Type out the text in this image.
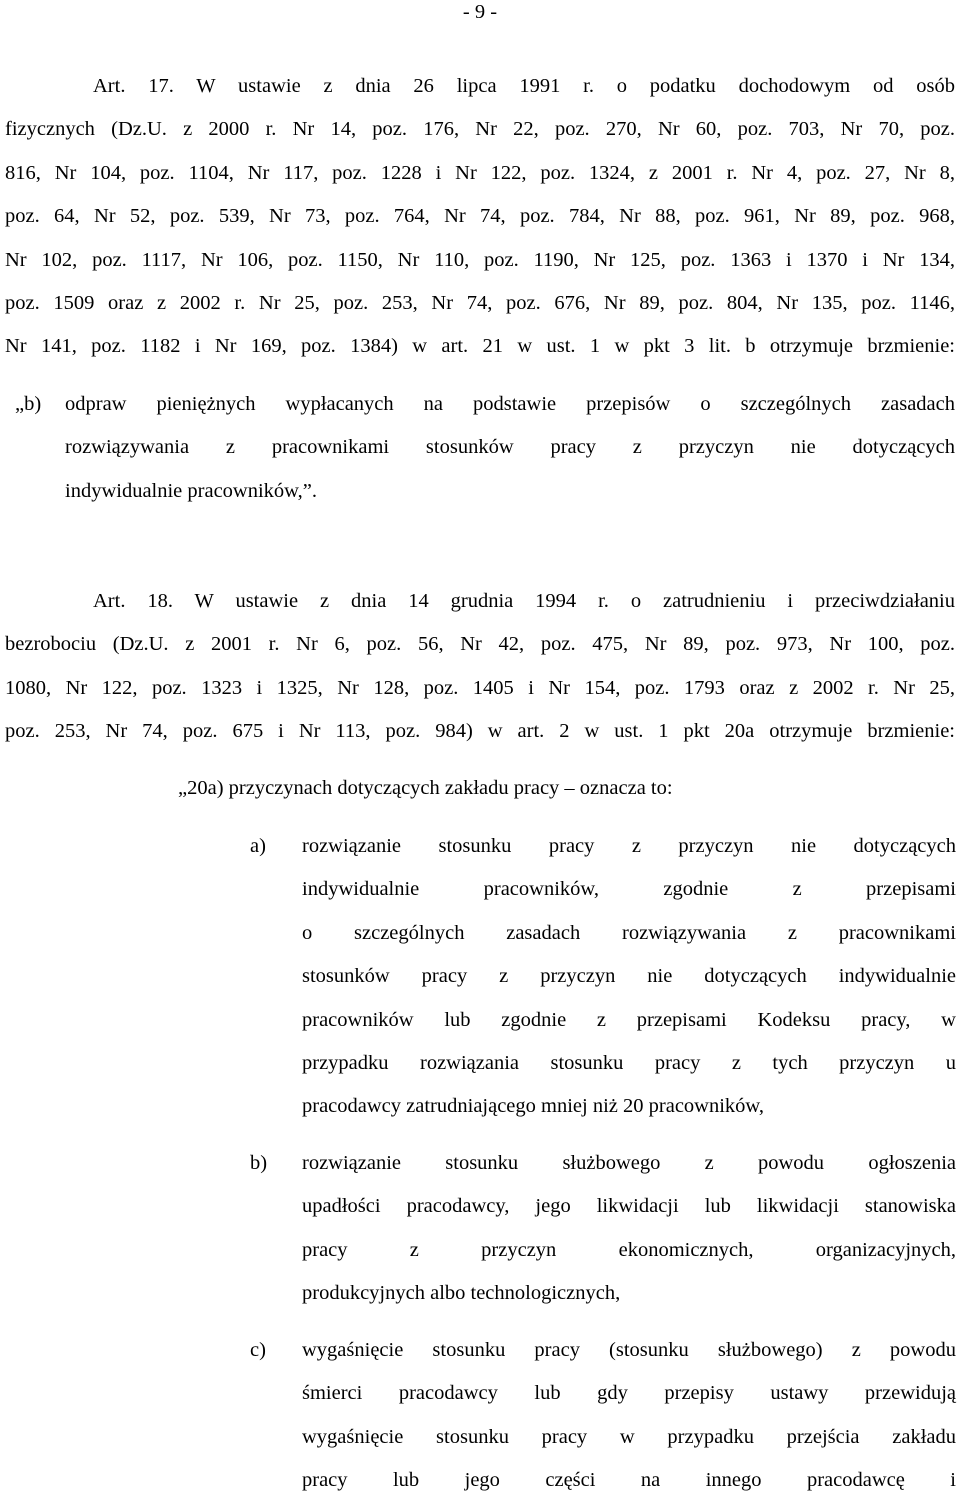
- 9 -
Art. 17. W ustawie z dnia 26 lipca 1991 r. o podatku dochodowym od osób
fizycznych (Dz.U. z 2000 r. Nr 14, poz. 176, Nr 22, poz. 270, Nr 60, poz. 703, Nr 70, poz.
816, Nr 104, poz. 1104, Nr 117, poz. 1228 i Nr 122, poz. 1324, z 2001 r. Nr 4, poz. 27, Nr 8,
poz. 64, Nr 52, poz. 539, Nr 73, poz. 764, Nr 74, poz. 784, Nr 88, poz. 961, Nr 89, poz. 968,
Nr 102, poz. 1117, Nr 106, poz. 1150, Nr 110, poz. 1190, Nr 125, poz. 1363 i 1370 i Nr 134,
poz. 1509 oraz z 2002 r. Nr 25, poz. 253, Nr 74, poz. 676, Nr 89, poz. 804, Nr 135, poz. 1146,
Nr 141, poz. 1182 i Nr 169, poz. 1384) w art. 21 w ust. 1 w pkt 3 lit. b otrzymuje brzmienie:
„b) odpraw pieniężnych wypłacanych na podstawie przepisów o szczególnych zasadach
rozwiązywania z pracownikami stosunków pracy z przyczyn nie dotyczących
indywidualnie pracowników,”.
Art. 18. W ustawie z dnia 14 grudnia 1994 r. o zatrudnieniu i przeciwdziałaniu
bezrobociu (Dz.U. z 2001 r. Nr 6, poz. 56, Nr 42, poz. 475, Nr 89, poz. 973, Nr 100, poz.
1080, Nr 122, poz. 1323 i 1325, Nr 128, poz. 1405 i Nr 154, poz. 1793 oraz z 2002 r. Nr 25,
poz. 253, Nr 74, poz. 675 i Nr 113, poz. 984) w art. 2 w ust. 1 pkt 20a otrzymuje brzmienie:
„20a) przyczynach dotyczących zakładu pracy – oznacza to:
a) rozwiązanie stosunku pracy z przyczyn nie dotyczących
indywidualnie pracowników, zgodnie z przepisami
o szczególnych zasadach rozwiązywania z pracownikami
stosunków pracy z przyczyn nie dotyczących indywidualnie
pracowników lub zgodnie z przepisami Kodeksu pracy, w
przypadku rozwiązania stosunku pracy z tych przyczyn u
pracodawcy zatrudniającego mniej niż 20 pracowników,
b) rozwiązanie stosunku służbowego z powodu ogłoszenia
upadłości pracodawcy, jego likwidacji lub likwidacji stanowiska
pracy z przyczyn ekonomicznych, organizacyjnych,
produkcyjnych albo technologicznych,
c) wygaśnięcie stosunku pracy (stosunku służbowego) z powodu
śmierci pracodawcy lub gdy przepisy ustawy przewidują
wygaśnięcie stosunku pracy w przypadku przejścia zakładu
pracy lub jego części na innego pracodawcę i
